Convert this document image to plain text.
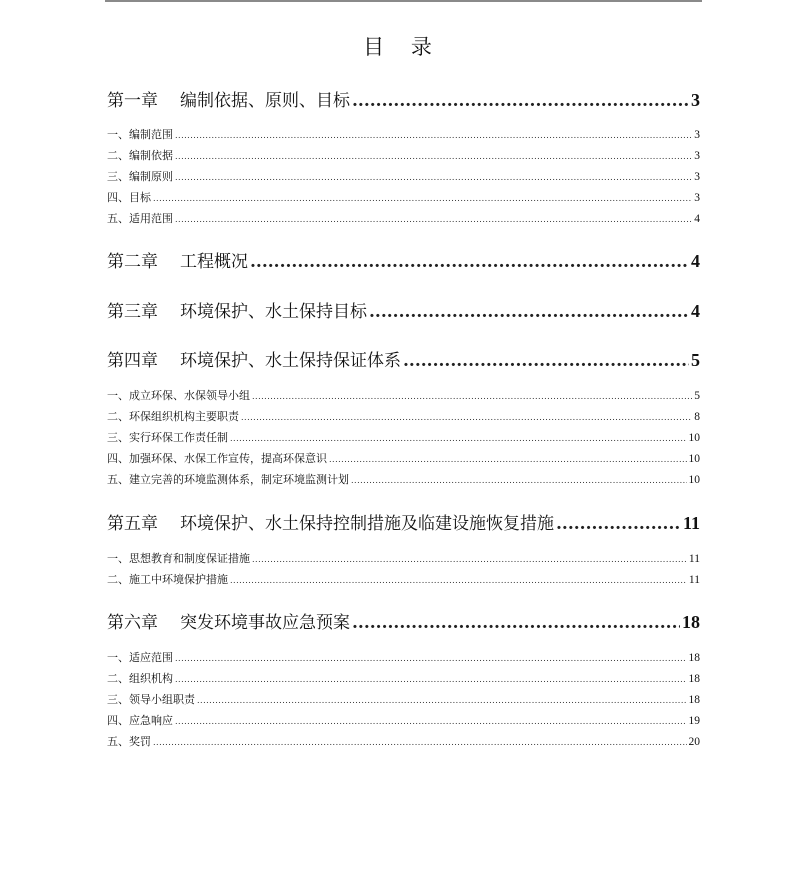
目 录
第一章 编制依据、原则、目标 .....	3
一、编制范围 .....	3
二、编制依据 .....	3
三、编制原则 .....	3
四、目标 .....	3
五、适用范围 .....	4
第二章 工程概况 .....	4
第三章 环境保护、水土保持目标 .....	4
第四章 环境保护、水土保持保证体系 .....	5
一、成立环保、水保领导小组 .....	5
二、环保组织机构主要职责 .....	8
三、实行环保工作责任制 .....	10
四、加强环保、水保工作宣传，提高环保意识 .....	10
五、建立完善的环境监测体系，制定环境监测计划 .....	10
第五章 环境保护、水土保持控制措施及临建设施恢复措施 .....	11
一、思想教育和制度保证措施 .....	11
二、施工中环境保护措施 .....	11
第六章 突发环境事故应急预案 .....	18
一、适应范围 .....	18
二、组织机构 .....	18
三、领导小组职责 .....	18
四、应急响应 .....	19
五、奖罚 .....	20
